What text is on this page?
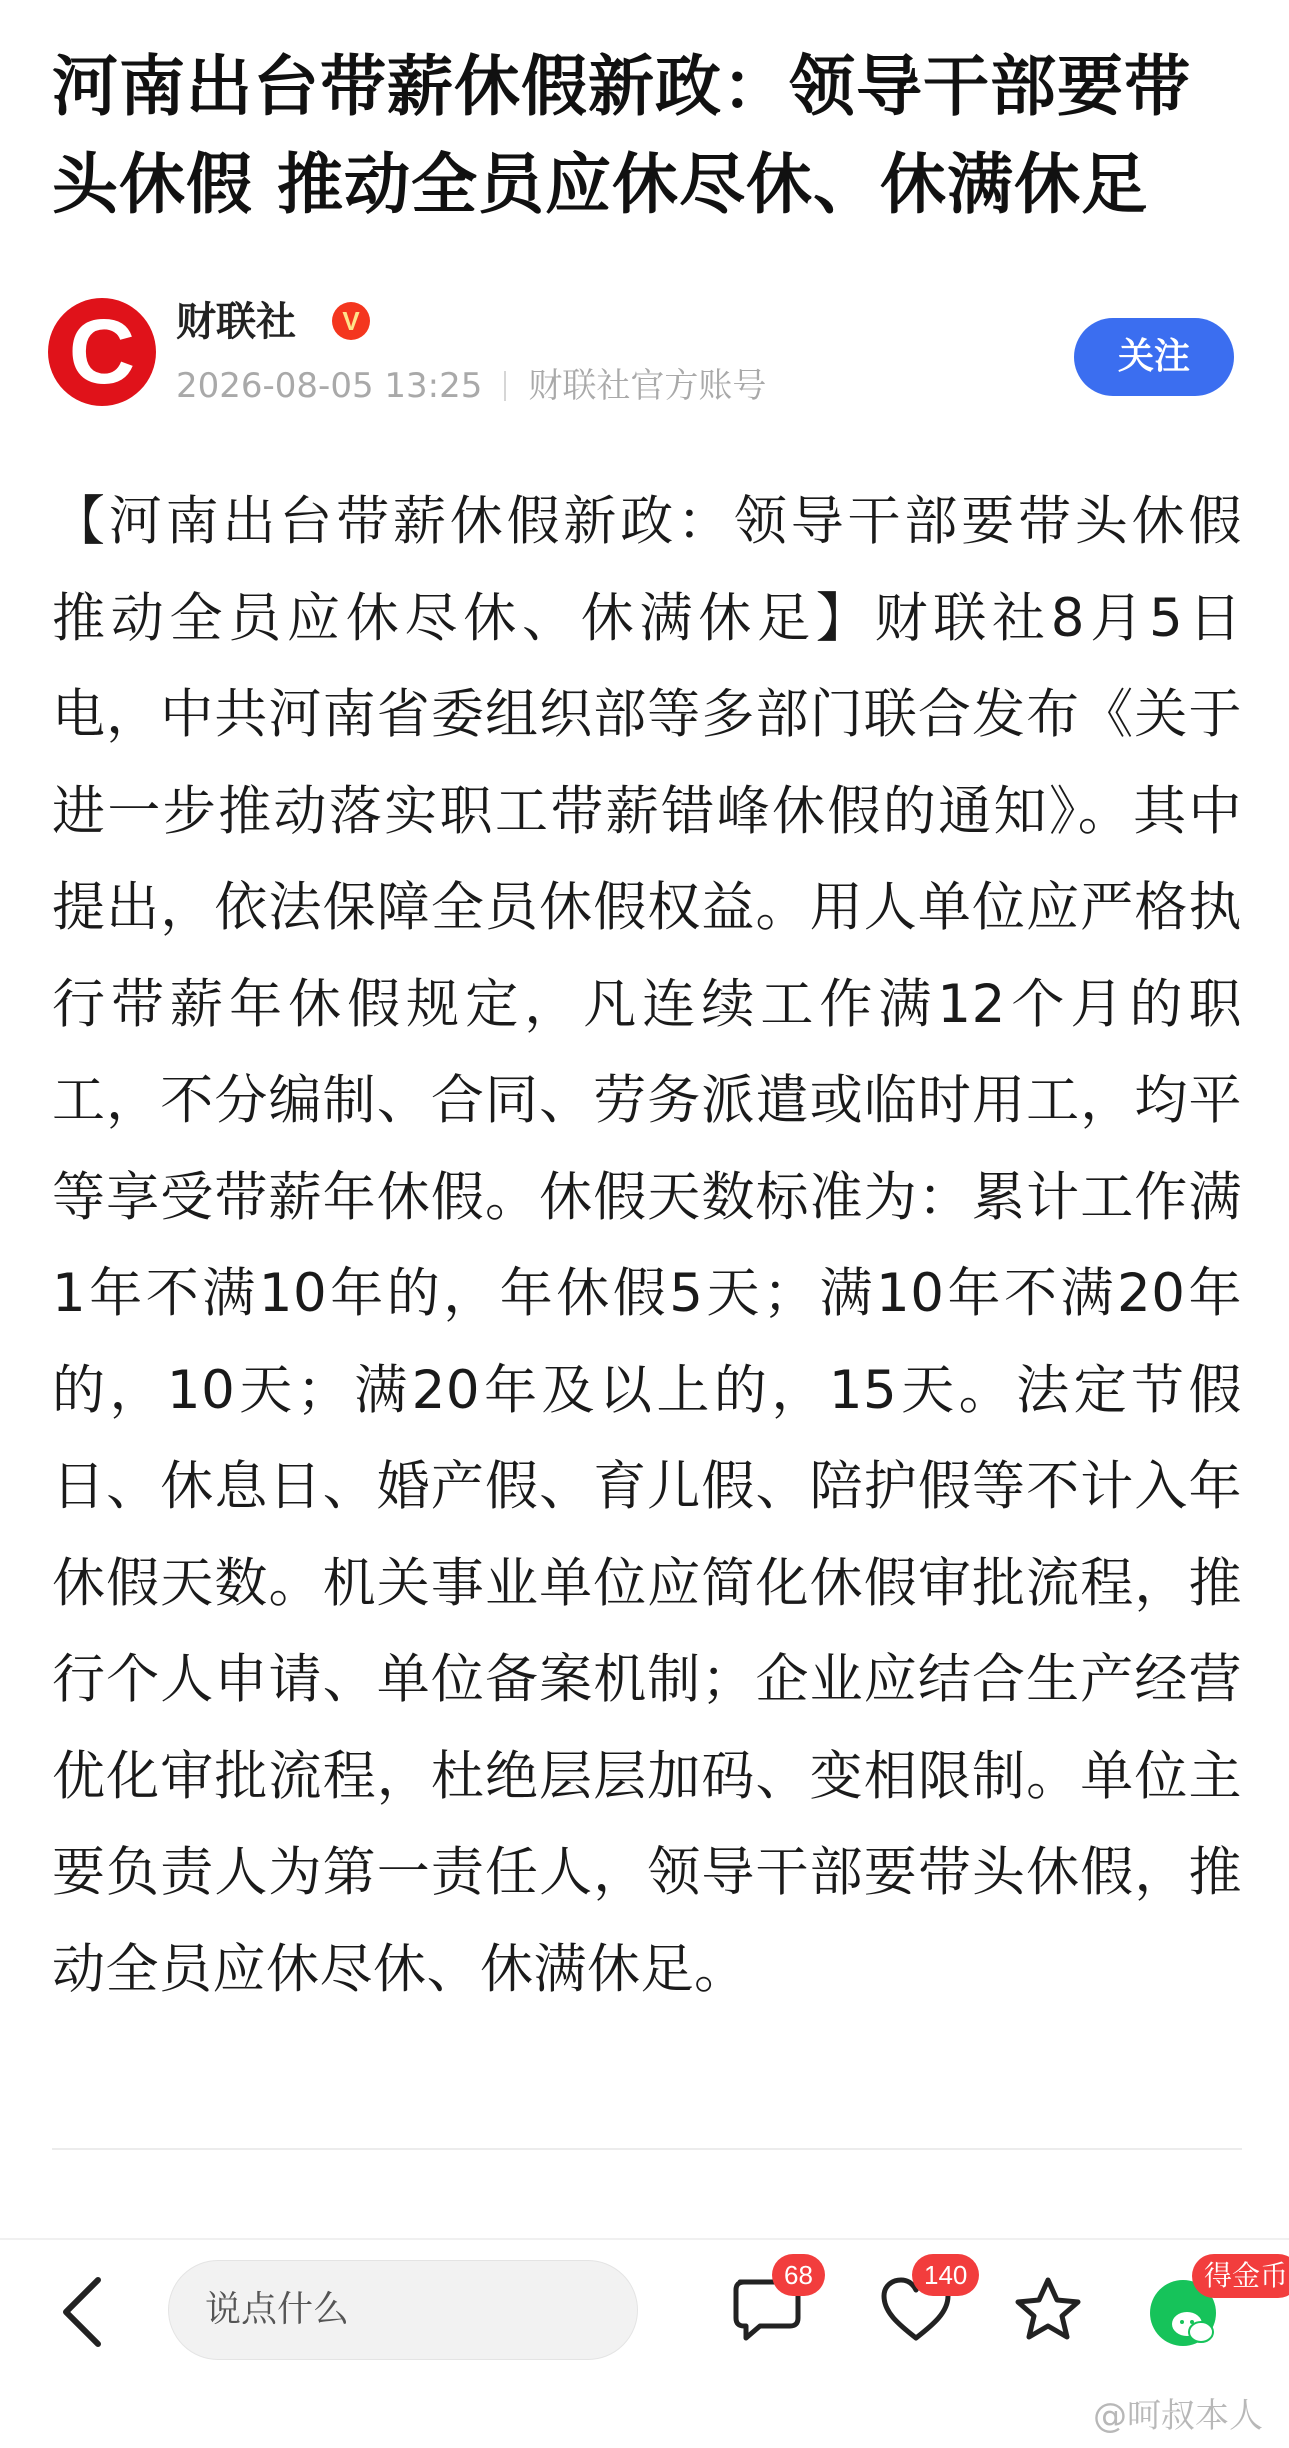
河南出台带薪休假新政：领导干部要带头休假 推动全员应休尽休、休满休足
C	财联社	V
2026-08-05 13:25 财联社官方账号
关注
【河南出台带薪休假新政：领导干部要带头休假 推动全员应休尽休、休满休足】财联社8月5日电，中共河南省委组织部等多部门联合发布《关于进一步推动落实职工带薪错峰休假的通知》。其中提出，依法保障全员休假权益。用人单位应严格执行带薪年休假规定，凡连续工作满12个月的职工，不分编制、合同、劳务派遣或临时用工，均平等享受带薪年休假。休假天数标准为：累计工作满1年不满10年的，年休假5天；满10年不满20年的，10天；满20年及以上的，15天。法定节假日、休息日、婚产假、育儿假、陪护假等不计入年休假天数。机关事业单位应简化休假审批流程，推行个人申请、单位备案机制；企业应结合生产经营优化审批流程，杜绝层层加码、变相限制。单位主要负责人为第一责任人，领导干部要带头休假，推动全员应休尽休、休满休足。
说点什么
68	140	得金币
@呵叔本人
